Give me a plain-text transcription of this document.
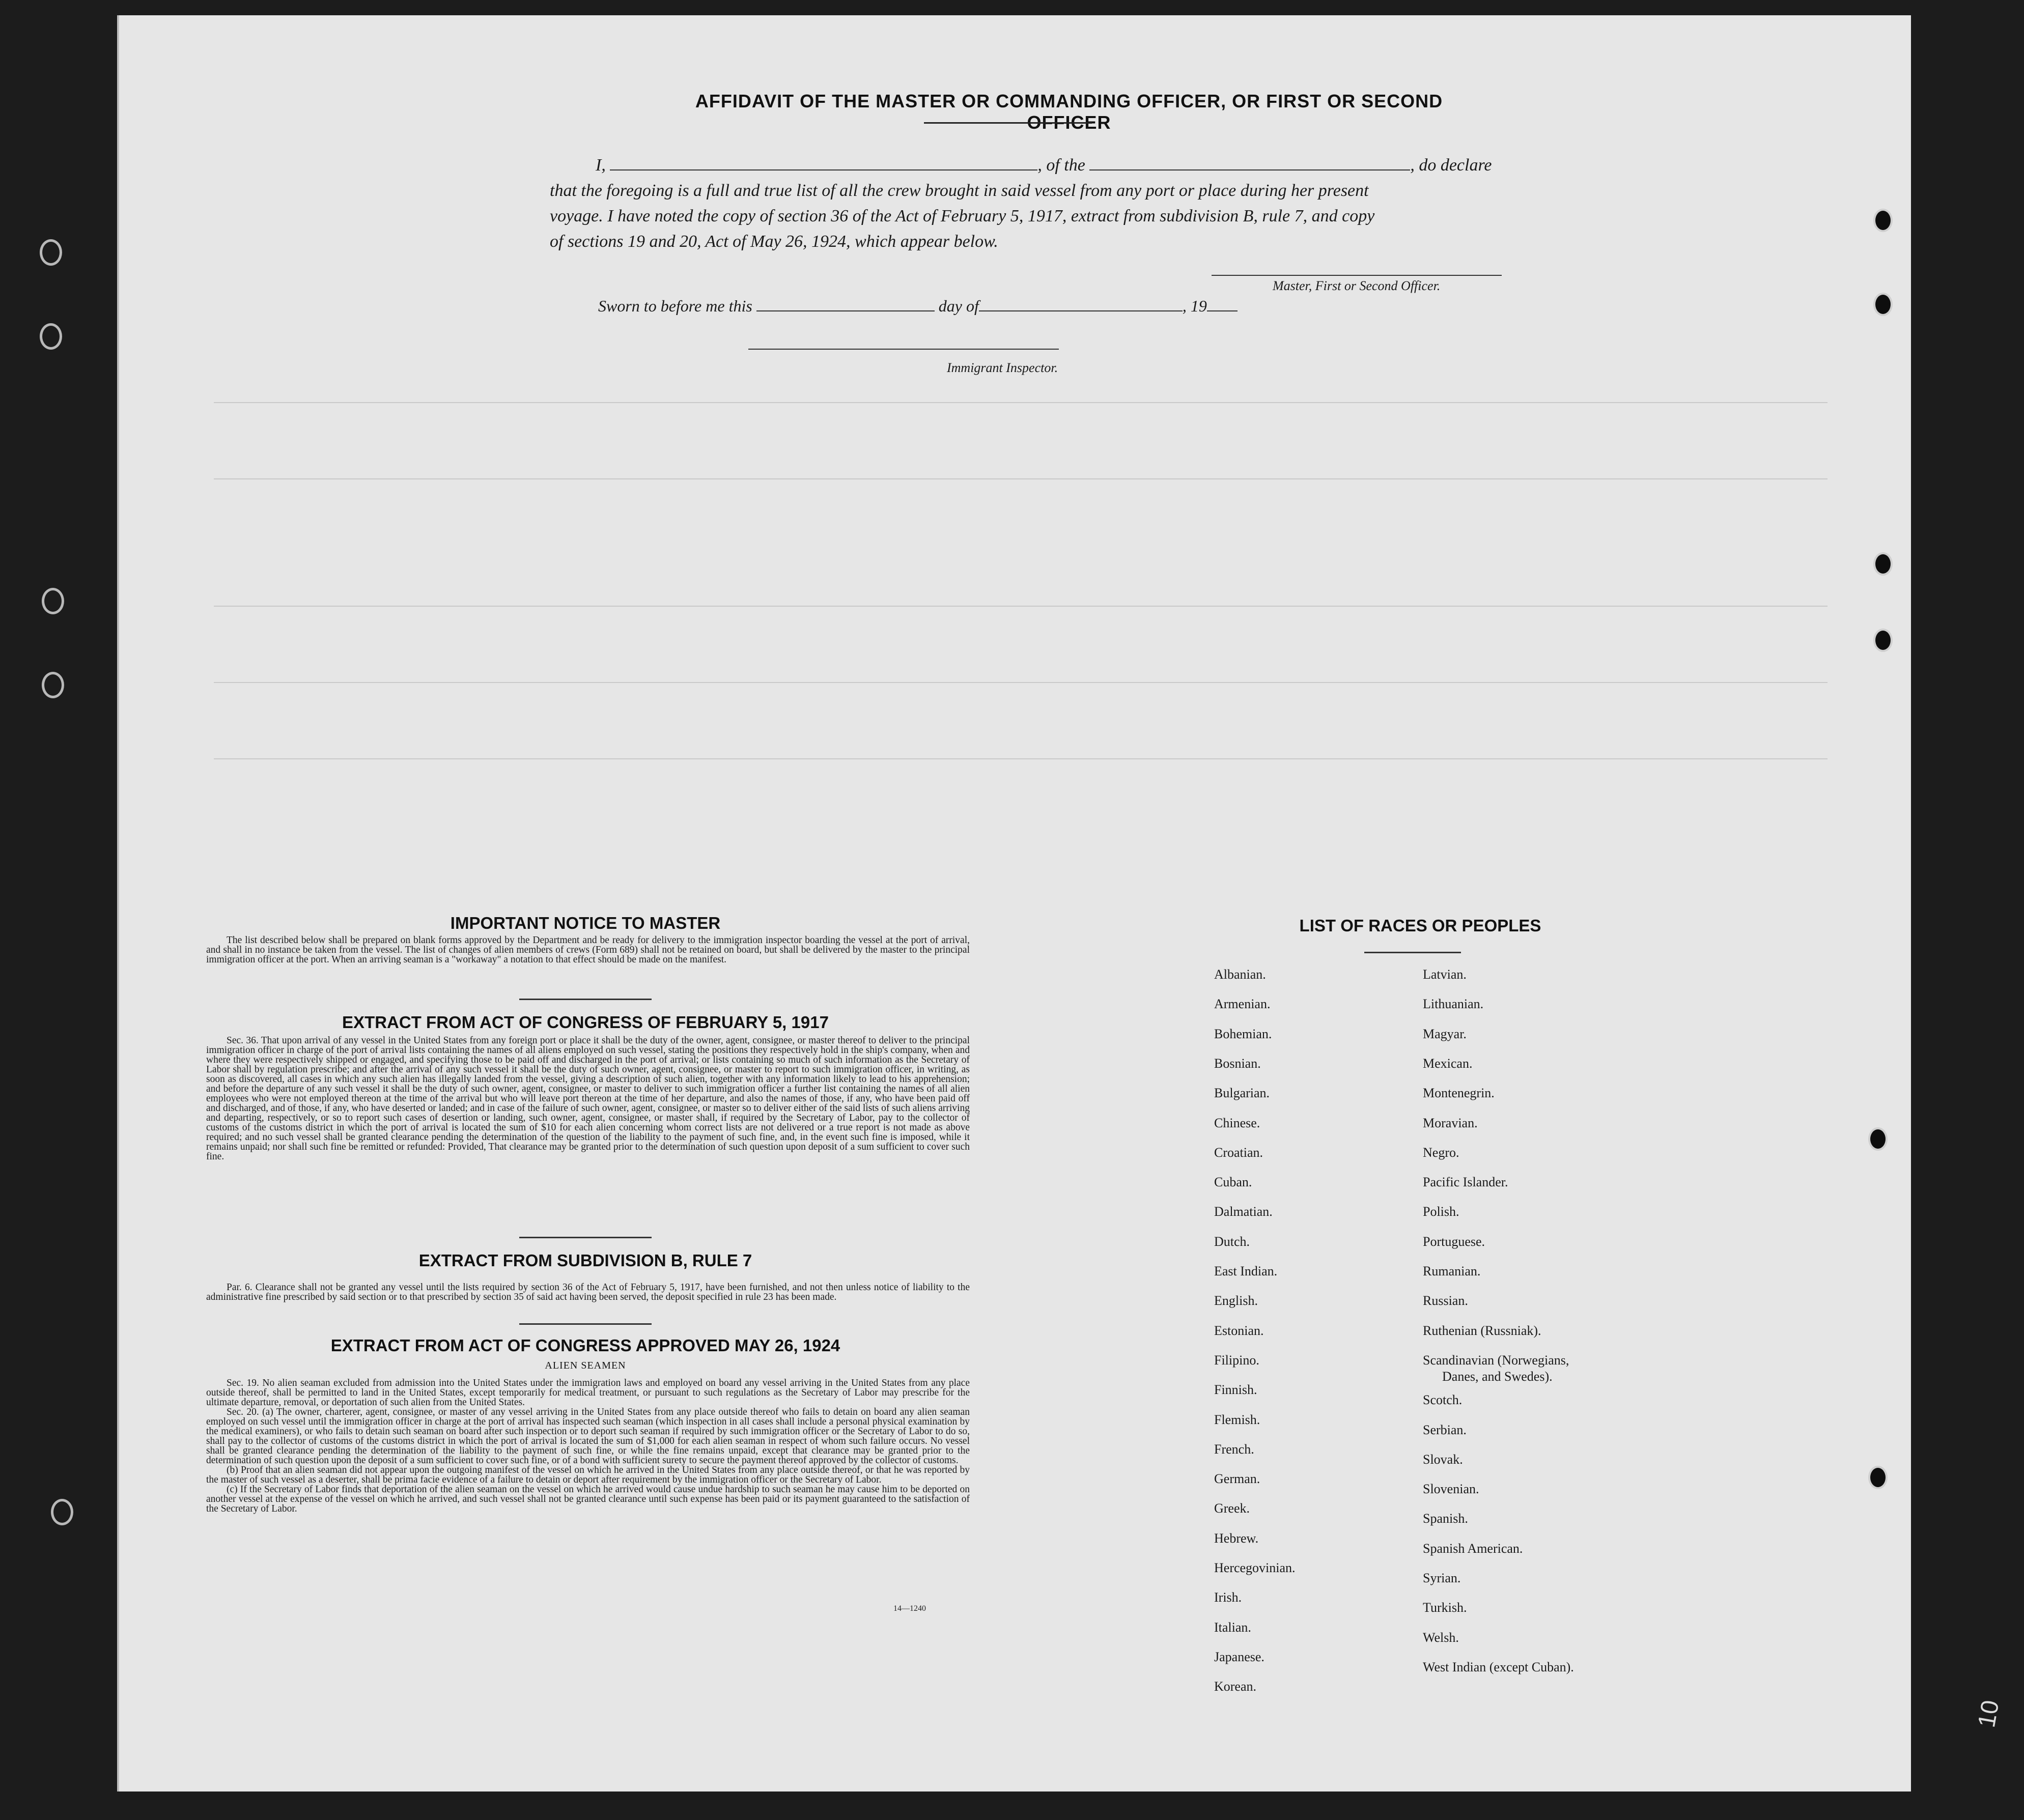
AFFIDAVIT OF THE MASTER OR COMMANDING OFFICER, OR FIRST OR SECOND OFFICER
I,	, of the	, do declare
that the foregoing is a full and true list of all the crew brought in said vessel from any port or place during her present
voyage. I have noted the copy of section 36 of the Act of February 5, 1917, extract from subdivision B, rule 7, and copy
of sections 19 and 20, Act of May 26, 1924, which appear below.
Master, First or Second Officer.
Sworn to before me this	day of	, 19
Immigrant Inspector.
IMPORTANT NOTICE TO MASTER

The list described below shall be prepared on blank forms approved by the Department and be ready for delivery to the immigration inspector boarding the vessel at the port of arrival, and shall in no instance be taken from the vessel. The list of changes of alien members of crews (Form 689) shall not be retained on board, but shall be delivered by the master to the principal immigration officer at the port. When an arriving seaman is a "workaway" a notation to that effect should be made on the manifest.

EXTRACT FROM ACT OF CONGRESS OF FEBRUARY 5, 1917

Sec. 36. That upon arrival of any vessel in the United States from any foreign port or place it shall be the duty of the owner, agent, consignee, or master thereof to deliver to the principal immigration officer in charge of the port of arrival lists containing the names of all aliens employed on such vessel, stating the positions they respectively hold in the ship's company, when and where they were respectively shipped or engaged, and specifying those to be paid off and discharged in the port of arrival; or lists containing so much of such information as the Secretary of Labor shall by regulation prescribe; and after the arrival of any such vessel it shall be the duty of such owner, agent, consignee, or master to report to such immigration officer, in writing, as soon as discovered, all cases in which any such alien has illegally landed from the vessel, giving a description of such alien, together with any information likely to lead to his apprehension; and before the departure of any such vessel it shall be the duty of such owner, agent, consignee, or master to deliver to such immigration officer a further list containing the names of all alien employees who were not employed thereon at the time of the arrival but who will leave port thereon at the time of her departure, and also the names of those, if any, who have been paid off and discharged, and of those, if any, who have deserted or landed; and in case of the failure of such owner, agent, consignee, or master so to deliver either of the said lists of such aliens arriving and departing, respectively, or so to report such cases of desertion or landing, such owner, agent, consignee, or master shall, if required by the Secretary of Labor, pay to the collector of customs of the customs district in which the port of arrival is located the sum of $10 for each alien concerning whom correct lists are not delivered or a true report is not made as above required; and no such vessel shall be granted clearance pending the determination of the question of the liability to the payment of such fine, and, in the event such fine is imposed, while it remains unpaid; nor shall such fine be remitted or refunded: Provided, That clearance may be granted prior to the determination of such question upon deposit of a sum sufficient to cover such fine.

EXTRACT FROM SUBDIVISION B, RULE 7

Par. 6. Clearance shall not be granted any vessel until the lists required by section 36 of the Act of February 5, 1917, have been furnished, and not then unless notice of liability to the administrative fine prescribed by said section or to that prescribed by section 35 of said act having been served, the deposit specified in rule 23 has been made.

EXTRACT FROM ACT OF CONGRESS APPROVED MAY 26, 1924
ALIEN SEAMEN

Sec. 19. No alien seaman excluded from admission into the United States under the immigration laws and employed on board any vessel arriving in the United States from any place outside thereof, shall be permitted to land in the United States, except temporarily for medical treatment, or pursuant to such regulations as the Secretary of Labor may prescribe for the ultimate departure, removal, or deportation of such alien from the United States.

Sec. 20. (a) The owner, charterer, agent, consignee, or master of any vessel arriving in the United States from any place outside thereof who fails to detain on board any alien seaman employed on such vessel until the immigration officer in charge at the port of arrival has inspected such seaman (which inspection in all cases shall include a personal physical examination by the medical examiners), or who fails to detain such seaman on board after such inspection or to deport such seaman if required by such immigration officer or the Secretary of Labor to do so, shall pay to the collector of customs of the customs district in which the port of arrival is located the sum of $1,000 for each alien seaman in respect of whom such failure occurs. No vessel shall be granted clearance pending the determination of the liability to the payment of such fine, or while the fine remains unpaid, except that clearance may be granted prior to the determination of such question upon the deposit of a sum sufficient to cover such fine, or of a bond with sufficient surety to secure the payment thereof approved by the collector of customs.

(b) Proof that an alien seaman did not appear upon the outgoing manifest of the vessel on which he arrived in the United States from any place outside thereof, or that he was reported by the master of such vessel as a deserter, shall be prima facie evidence of a failure to detain or deport after requirement by the immigration officer or the Secretary of Labor.

(c) If the Secretary of Labor finds that deportation of the alien seaman on the vessel on which he arrived would cause undue hardship to such seaman he may cause him to be deported on another vessel at the expense of the vessel on which he arrived, and such vessel shall not be granted clearance until such expense has been paid or its payment guaranteed to the satisfaction of the Secretary of Labor.

14—1240
LIST OF RACES OR PEOPLES
Albanian.
Armenian.
Bohemian.
Bosnian.
Bulgarian.
Chinese.
Croatian.
Cuban.
Dalmatian.
Dutch.
East Indian.
English.
Estonian.
Filipino.
Finnish.
Flemish.
French.
German.
Greek.
Hebrew.
Hercegovinian.
Irish.
Italian.
Japanese.
Korean.
Latvian.
Lithuanian.
Magyar.
Mexican.
Montenegrin.
Moravian.
Negro.
Pacific Islander.
Polish.
Portuguese.
Rumanian.
Russian.
Ruthenian (Russniak).
Scandinavian (Norwegians,
Danes, and Swedes).
Scotch.
Serbian.
Slovak.
Slovenian.
Spanish.
Spanish American.
Syrian.
Turkish.
Welsh.
West Indian (except Cuban).
10
